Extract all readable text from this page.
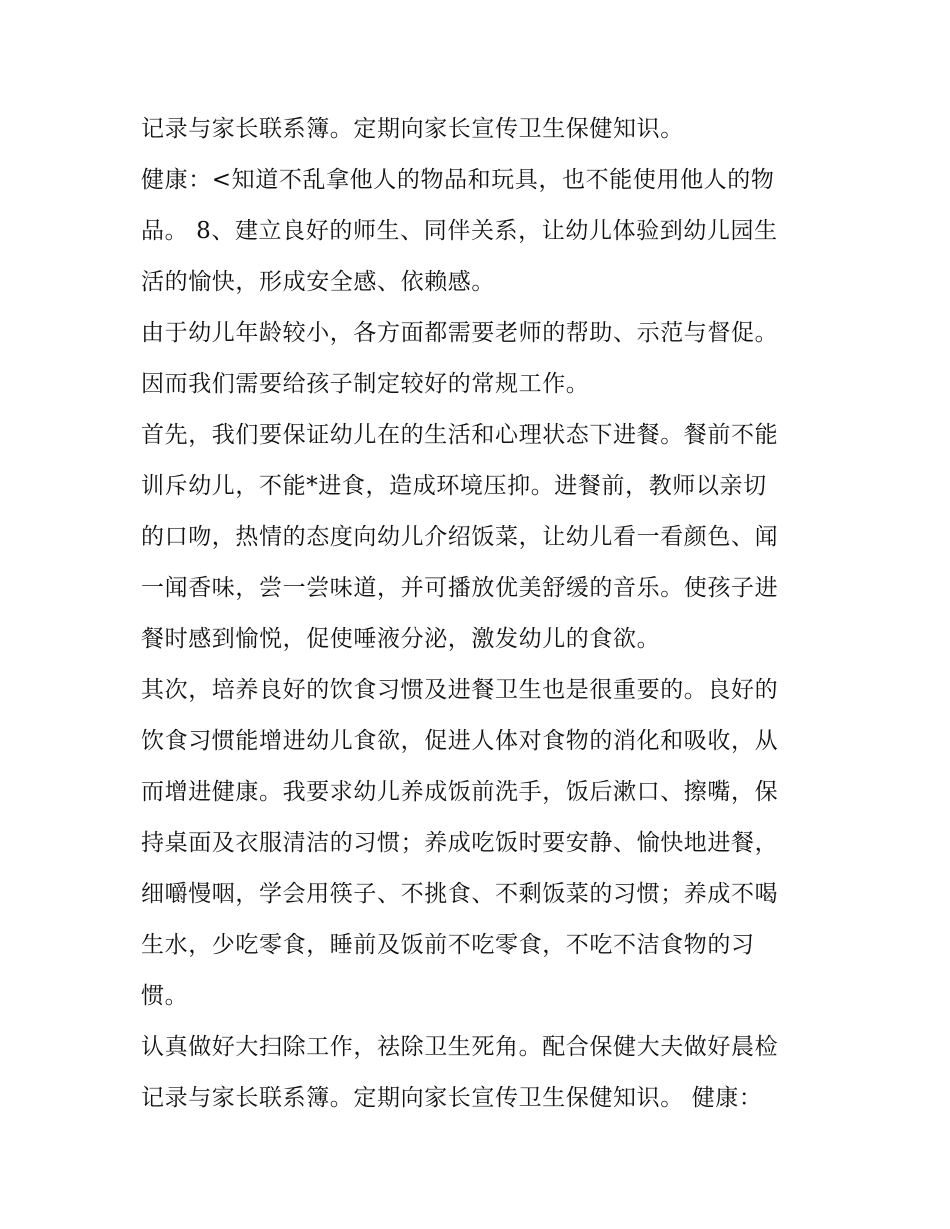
记录与家长联系簿。定期向家长宣传卫生保健知识。
健康：<知道不乱拿他人的物品和玩具，也不能使用他人的物
品。 8、建立良好的师生、同伴关系，让幼儿体验到幼儿园生
活的愉快，形成安全感、依赖感。
由于幼儿年龄较小，各方面都需要老师的帮助、示范与督促。
因而我们需要给孩子制定较好的常规工作。
首先，我们要保证幼儿在的生活和心理状态下进餐。餐前不能
训斥幼儿，不能*进食，造成环境压抑。进餐前，教师以亲切
的口吻，热情的态度向幼儿介绍饭菜，让幼儿看一看颜色、闻
一闻香味，尝一尝味道，并可播放优美舒缓的音乐。使孩子进
餐时感到愉悦，促使唾液分泌，激发幼儿的食欲。
其次，培养良好的饮食习惯及进餐卫生也是很重要的。良好的
饮食习惯能增进幼儿食欲，促进人体对食物的消化和吸收，从
而增进健康。我要求幼儿养成饭前洗手，饭后漱口、擦嘴，保
持桌面及衣服清洁的习惯；养成吃饭时要安静、愉快地进餐，
细嚼慢咽，学会用筷子、不挑食、不剩饭菜的习惯；养成不喝
生水，少吃零食，睡前及饭前不吃零食，不吃不洁食物的习
惯。
认真做好大扫除工作，祛除卫生死角。配合保健大夫做好晨检
记录与家长联系簿。定期向家长宣传卫生保健知识。 健康：
